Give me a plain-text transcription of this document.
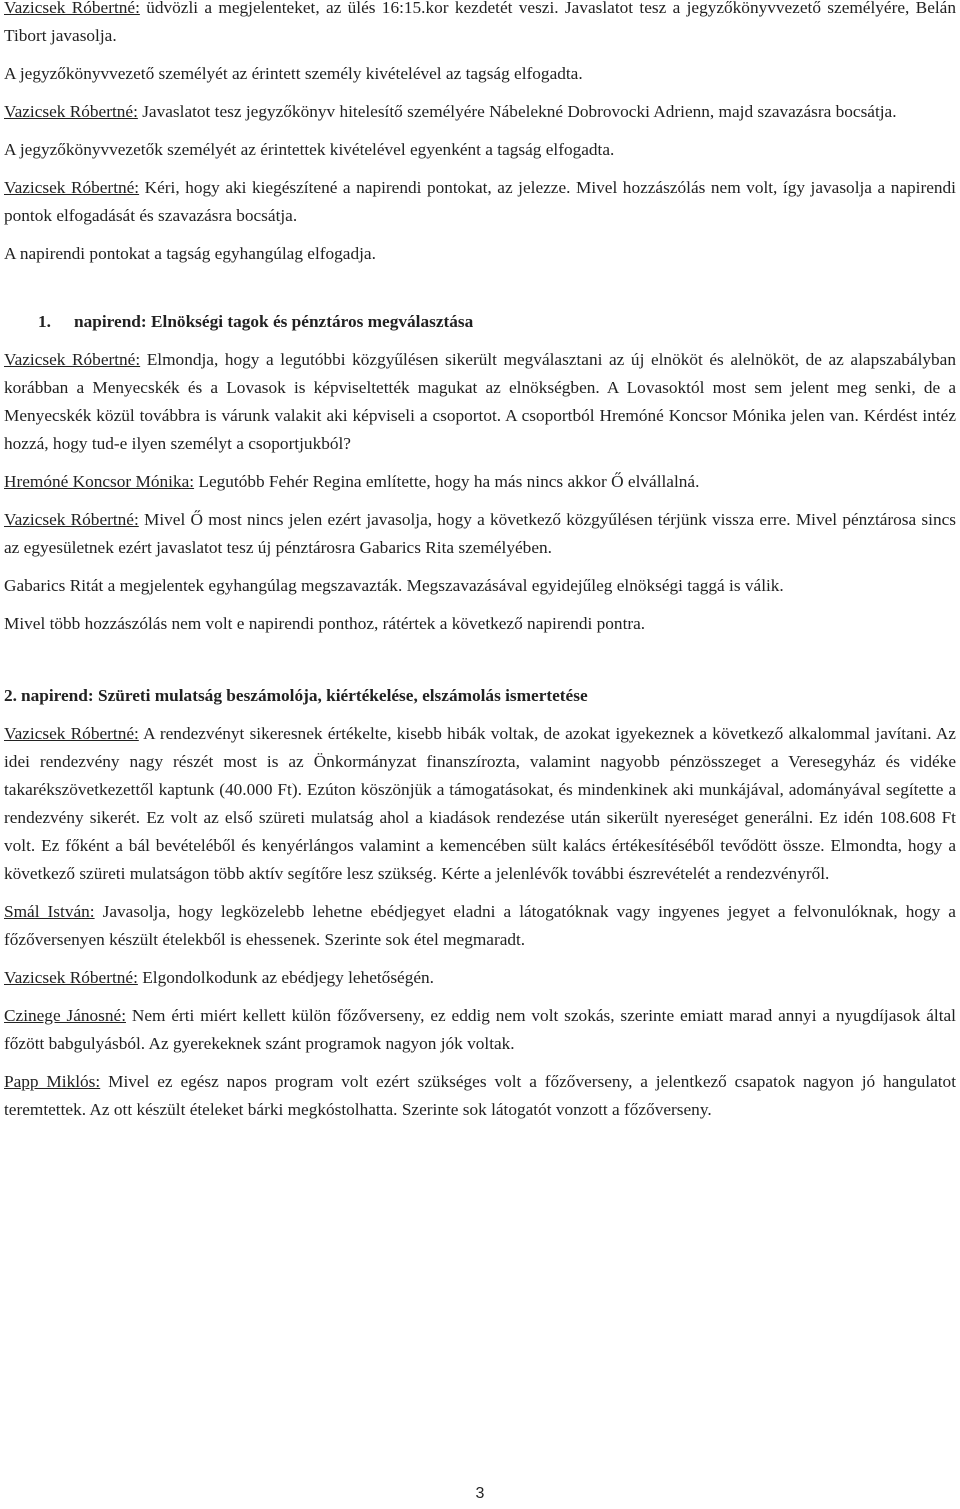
Vazicsek Róbertné: üdvözli a megjelenteket, az ülés 16:15.kor kezdetét veszi. Javaslatot tesz a jegyzőkönyvvezető személyére, Belán Tibort javasolja.

A jegyzőkönyvvezető személyét az érintett személy kivételével az tagság elfogadta.

Vazicsek Róbertné: Javaslatot tesz jegyzőkönyv hitelesítő személyére Nábelekné Dobrovocki Adrienn, majd szavazásra bocsátja.

A jegyzőkönyvvezetők személyét az érintettek kivételével egyenként a tagság elfogadta.

Vazicsek Róbertné: Kéri, hogy aki kiegészítené a napirendi pontokat, az jelezze. Mivel hozzászólás nem volt, így javasolja a napirendi pontok elfogadását és szavazásra bocsátja.

A napirendi pontokat a tagság egyhangúlag elfogadja.

1. napirend: Elnökségi tagok és pénztáros megválasztása

Vazicsek Róbertné: Elmondja, hogy a legutóbbi közgyűlésen sikerült megválasztani az új elnököt és alelnököt, de az alapszabályban korábban a Menyecskék és a Lovasok is képviseltették magukat az elnökségben. A Lovasoktól most sem jelent meg senki, de a Menyecskék közül továbbra is várunk valakit aki képviseli a csoportot. A csoportból Hremóné Koncsor Mónika jelen van. Kérdést intéz hozzá, hogy tud-e ilyen személyt a csoportjukból?

Hremóné Koncsor Mónika: Legutóbb Fehér Regina említette, hogy ha más nincs akkor Ő elvállalná.

Vazicsek Róbertné: Mivel Ő most nincs jelen ezért javasolja, hogy a következő közgyűlésen térjünk vissza erre. Mivel pénztárosa sincs az egyesületnek ezért javaslatot tesz új pénztárosra Gabarics Rita személyében.

Gabarics Ritát a megjelentek egyhangúlag megszavazták. Megszavazásával egyidejűleg elnökségi taggá is válik.

Mivel több hozzászólás nem volt e napirendi ponthoz, rátértek a következő napirendi pontra.

2. napirend: Szüreti mulatság beszámolója, kiértékelése, elszámolás ismertetése

Vazicsek Róbertné: A rendezvényt sikeresnek értékelte, kisebb hibák voltak, de azokat igyekeznek a következő alkalommal javítani. Az idei rendezvény nagy részét most is az Önkormányzat finanszírozta, valamint nagyobb pénzösszeget a Veresegyház és vidéke takarékszövetkezettől kaptunk (40.000 Ft). Ezúton köszönjük a támogatásokat, és mindenkinek aki munkájával, adományával segítette a rendezvény sikerét. Ez volt az első szüreti mulatság ahol a kiadások rendezése után sikerült nyereséget generálni. Ez idén 108.608 Ft volt. Ez főként a bál bevételéből és kenyérlángos valamint a kemencében sült kalács értékesítéséből tevődött össze. Elmondta, hogy a következő szüreti mulatságon több aktív segítőre lesz szükség. Kérte a jelenlévők további észrevételét a rendezvényről.

Smál István: Javasolja, hogy legközelebb lehetne ebédjegyet eladni a látogatóknak vagy ingyenes jegyet a felvonulóknak, hogy a főzőversenyen készült ételekből is ehessenek. Szerinte sok étel megmaradt.

Vazicsek Róbertné: Elgondolkodunk az ebédjegy lehetőségén.

Czinege Jánosné: Nem érti miért kellett külön főzőverseny, ez eddig nem volt szokás, szerinte emiatt marad annyi a nyugdíjasok által főzött babgulyásból. Az gyerekeknek szánt programok nagyon jók voltak.

Papp Miklós: Mivel ez egész napos program volt ezért szükséges volt a főzőverseny, a jelentkező csapatok nagyon jó hangulatot teremtettek. Az ott készült ételeket bárki megkóstolhatta. Szerinte sok látogatót vonzott a főzőverseny.

3
